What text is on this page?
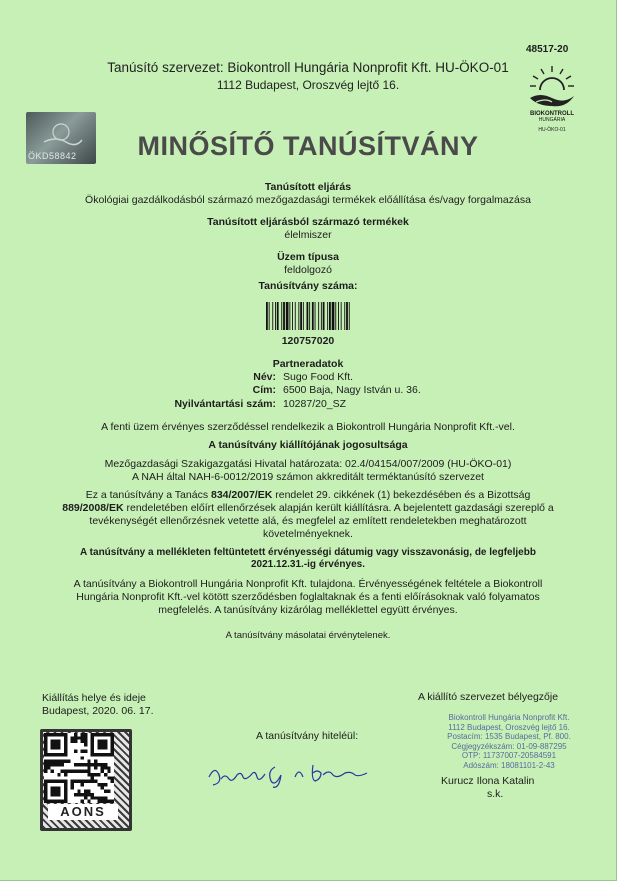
Tanúsító szervezet: Biokontroll Hungária Nonprofit Kft. HU-ÖKO-01
1112 Budapest, Oroszvég lejtő 16.
48517-20
BIOKONTROLL
HUNGÁRIA
HU-ÖKO-01
ÖKD58842	MINŐSÍTŐ TANÚSÍTVÁNY
Tanúsított eljárás
Ökológiai gazdálkodásból származó mezőgazdasági termékek előállítása és/vagy forgalmazása
Tanúsított eljárásból származó termékek
élelmiszer
Üzem típusa
feldolgozó
Tanúsítvány száma:
120757020
Partneradatok
Név: Sugo Food Kft.
Cím: 6500 Baja, Nagy István u. 36.
Nyilvántartási szám: 10287/20_SZ
A fenti üzem érvényes szerződéssel rendelkezik a Biokontroll Hungária Nonprofit Kft.-vel.
A tanúsítvány kiállítójának jogosultsága
Mezőgazdasági Szakigazgatási Hivatal határozata: 02.4/04154/007/2009 (HU-ÖKO-01)
A NAH által NAH-6-0012/2019 számon akkreditált terméktanúsító szervezet
Ez a tanúsítvány a Tanács 834/2007/EK rendelet 29. cikkének (1) bekezdésében és a Bizottság
889/2008/EK rendeletében előírt ellenőrzések alapján került kiállításra. A bejelentett gazdasági szereplő a
tevékenységét ellenőrzésnek vetette alá, és megfelel az említett rendeletekben meghatározott
követelményeknek.
A tanúsítvány a mellékleten feltüntetett érvényességi dátumig vagy visszavonásig, de legfeljebb
2021.12.31.-ig érvényes.
A tanúsítvány a Biokontroll Hungária Nonprofit Kft. tulajdona. Érvényességének feltétele a Biokontroll
Hungária Nonprofit Kft.-vel kötött szerződésben foglaltaknak és a fenti előírásoknak való folyamatos
megfelelés. A tanúsítvány kizárólag melléklettel együtt érvényes.
A tanúsítvány másolatai érvénytelenek.
Kiállítás helye és ideje
Budapest, 2020. 06. 17.
A kiállító szervezet bélyegzője
A tanúsítvány hiteléül:
Biokontroll Hungária Nonprofit Kft.
1112 Budapest, Oroszvég lejtő 16.
Postacím: 1535 Budapest, Pf. 800.
Cégjegyzékszám: 01-09-887295
OTP: 11737007-20584591
Adószám: 18081101-2-43
Kurucz Ilona Katalin
s.k.
AONS
